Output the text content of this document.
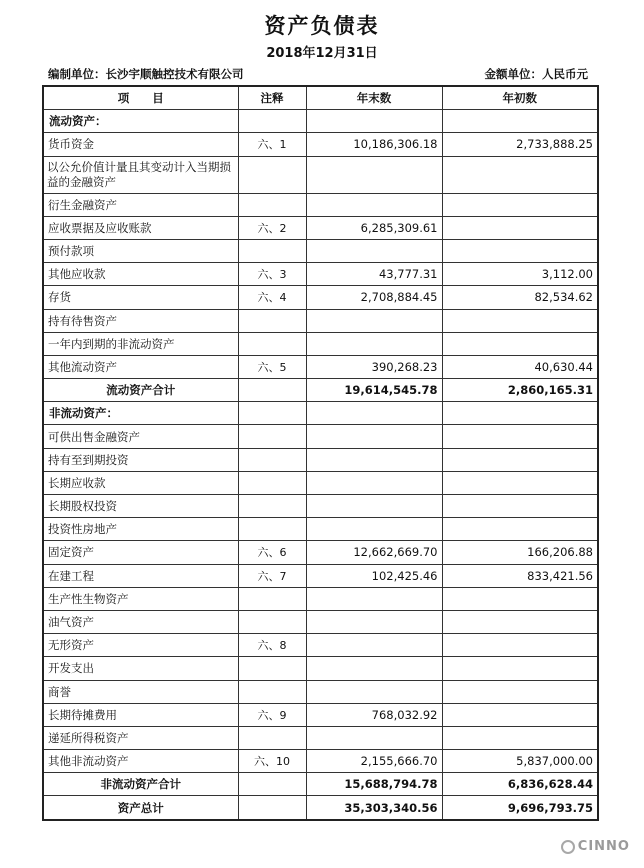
资产负债表
2018年12月31日
编制单位：长沙宇顺触控技术有限公司	金额单位：人民币元
项　　目	注释	年末数	年初数
流动资产：			
货币资金	六、1	10,186,306.18	2,733,888.25
以公允价值计量且其变动计入当期损益的金融资产			
衍生金融资产			
应收票据及应收账款	六、2	6,285,309.61	
预付款项			
其他应收款	六、3	43,777.31	3,112.00
存货	六、4	2,708,884.45	82,534.62
持有待售资产			
一年内到期的非流动资产			
其他流动资产	六、5	390,268.23	40,630.44
流动资产合计		19,614,545.78	2,860,165.31
非流动资产：			
可供出售金融资产			
持有至到期投资			
长期应收款			
长期股权投资			
投资性房地产			
固定资产	六、6	12,662,669.70	166,206.88
在建工程	六、7	102,425.46	833,421.56
生产性生物资产			
油气资产			
无形资产	六、8		
开发支出			
商誉			
长期待摊费用	六、9	768,032.92	
递延所得税资产			
其他非流动资产	六、10	2,155,666.70	5,837,000.00
非流动资产合计		15,688,794.78	6,836,628.44
资产总计		35,303,340.56	9,696,793.75
CINNO
